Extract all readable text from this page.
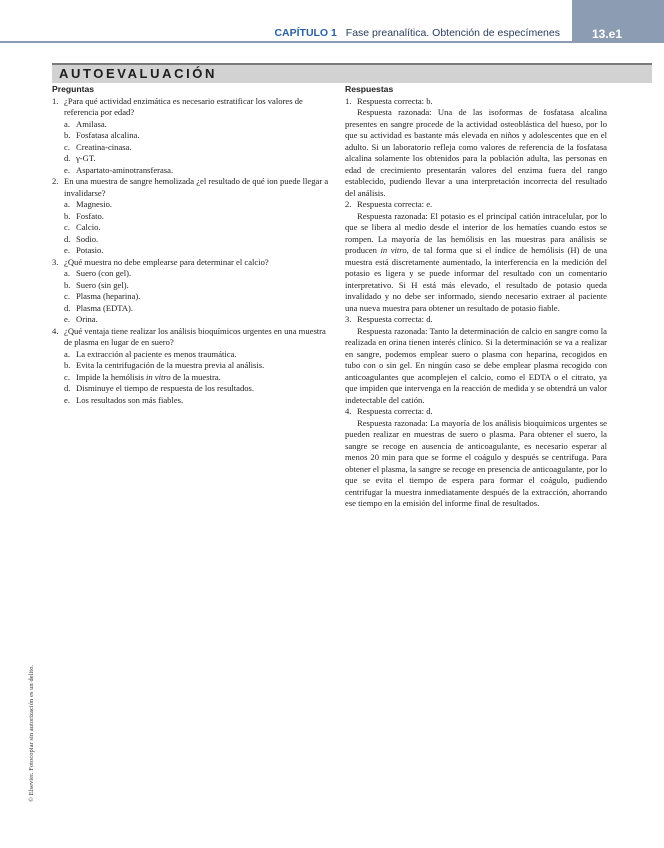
CAPÍTULO 1 Fase preanalítica. Obtención de especímenes	13.e1
AUTOEVALUACIÓN
Preguntas
1. ¿Para qué actividad enzimática es necesario estratificar los valores de referencia por edad?
a. Amilasa.
b. Fosfatasa alcalina.
c. Creatina-cinasa.
d. γ-GT.
e. Aspartato-aminotransferasa.
2. En una muestra de sangre hemolizada ¿el resultado de qué ion puede llegar a invalidarse?
a. Magnesio.
b. Fosfato.
c. Calcio.
d. Sodio.
e. Potasio.
3. ¿Qué muestra no debe emplearse para determinar el calcio?
a. Suero (con gel).
b. Suero (sin gel).
c. Plasma (heparina).
d. Plasma (EDTA).
e. Orina.
4. ¿Qué ventaja tiene realizar los análisis bioquímicos urgentes en una muestra de plasma en lugar de en suero?
a. La extracción al paciente es menos traumática.
b. Evita la centrifugación de la muestra previa al análisis.
c. Impide la hemólisis in vitro de la muestra.
d. Disminuye el tiempo de respuesta de los resultados.
e. Los resultados son más fiables.
Respuestas
1. Respuesta correcta: b.
Respuesta razonada: Una de las isoformas de fosfatasa alcalina presentes en sangre procede de la actividad osteoblástica del hueso, por lo que su actividad es bastante más elevada en niños y adolescentes que en el adulto. Si un laboratorio refleja como valores de referencia de la fosfatasa alcalina solamente los obtenidos para la población adulta, las personas en edad de crecimiento presentarán valores del enzima fuera del rango establecido, pudiendo llevar a una interpretación incorrecta del resultado del análisis.
2. Respuesta correcta: e.
Respuesta razonada: El potasio es el principal catión intracelular, por lo que se libera al medio desde el interior de los hematíes cuando estos se rompen. La mayoría de las hemólisis en las muestras para análisis se producen in vitro, de tal forma que si el índice de hemólisis (H) de una muestra está discretamente aumentado, la interferencia en la medición del potasio es ligera y se puede informar del resultado con un comentario interpretativo. Si H está más elevado, el resultado de potasio queda invalidado y no debe ser informado, siendo necesario extraer al paciente una nueva muestra para obtener un resultado de potasio fiable.
3. Respuesta correcta: d.
Respuesta razonada: Tanto la determinación de calcio en sangre como la realizada en orina tienen interés clínico. Si la determinación se va a realizar en sangre, podemos emplear suero o plasma con heparina, recogidos en tubo con o sin gel. En ningún caso se debe emplear plasma recogido con anticoagulantes que acomplejen el calcio, como el EDTA o el citrato, ya que impiden que intervenga en la reacción de medida y se obtendrá un valor indetectable del catión.
4. Respuesta correcta: d.
Respuesta razonada: La mayoría de los análisis bioquímicos urgentes se pueden realizar en muestras de suero o plasma. Para obtener el suero, la sangre se recoge en ausencia de anticoagulante, es necesario esperar al menos 20 min para que se forme el coágulo y después se centrifuga. Para obtener el plasma, la sangre se recoge en presencia de anticoagulante, por lo que se evita el tiempo de espera para formar el coágulo, pudiendo centrifugar la muestra inmediatamente después de la extracción, ahorrando ese tiempo en la emisión del informe final de resultados.
© Elsevier. Fotocopiar sin autorización es un delito.
